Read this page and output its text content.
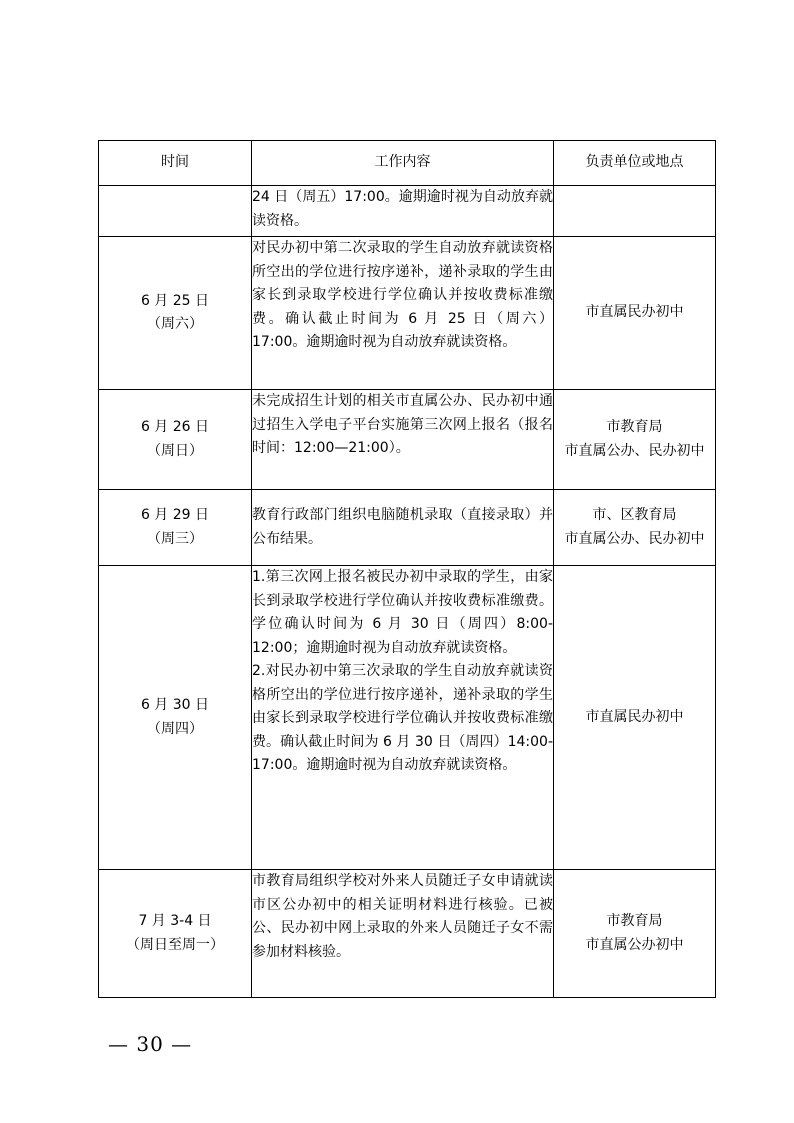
时间	工作内容	负责单位或地点

	24 日（周五）17:00。逾期逾时视为自动放弃就读资格。	

6 月 25 日
（周六）	对民办初中第二次录取的学生自动放弃就读资格所空出的学位进行按序递补，递补录取的学生由家长到录取学校进行学位确认并按收费标准缴费。确认截止时间为 6 月 25 日（周六）17:00。逾期逾时视为自动放弃就读资格。	市直属民办初中

6 月 26 日
（周日）	未完成招生计划的相关市直属公办、民办初中通过招生入学电子平台实施第三次网上报名（报名时间：12:00—21:00）。	市教育局
市直属公办、民办初中

6 月 29 日
（周三）	教育行政部门组织电脑随机录取（直接录取）并公布结果。	市、区教育局
市直属公办、民办初中

6 月 30 日
（周四）	1.第三次网上报名被民办初中录取的学生，由家长到录取学校进行学位确认并按收费标准缴费。学位确认时间为 6 月 30 日（周四）8:00-12:00；逾期逾时视为自动放弃就读资格。
2.对民办初中第三次录取的学生自动放弃就读资格所空出的学位进行按序递补，递补录取的学生由家长到录取学校进行学位确认并按收费标准缴费。确认截止时间为 6 月 30 日（周四）14:00-17:00。逾期逾时视为自动放弃就读资格。	市直属民办初中

7 月 3-4 日
（周日至周一）	市教育局组织学校对外来人员随迁子女申请就读市区公办初中的相关证明材料进行核验。已被公、民办初中网上录取的外来人员随迁子女不需参加材料核验。	市教育局
市直属公办初中
— 30 —
